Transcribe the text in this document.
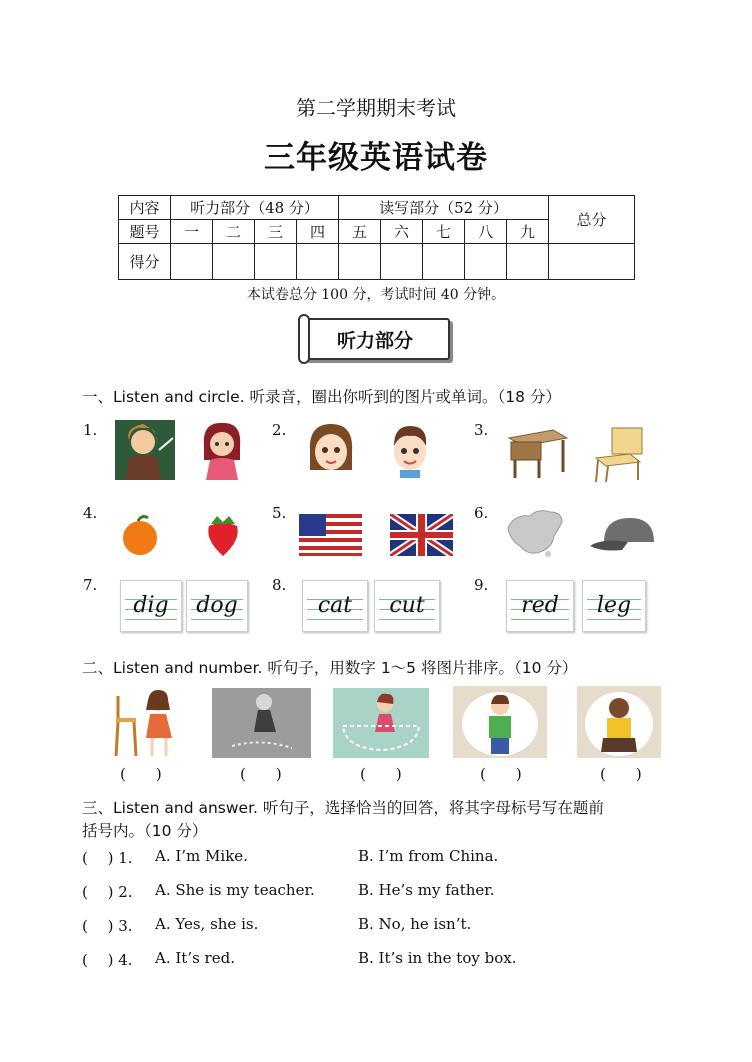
第二学期期末考试
三年级英语试卷
内容	听力部分（48 分）				读写部分（52 分）					总分
题号	一	二	三	四	五	六	七	八	九	
得分										
本试卷总分 100 分，考试时间 40 分钟。
听力部分
一、Listen and circle. 听录音，圈出你听到的图片或单词。（18 分）
1.	2.	3.
4.	5.	6.
7.	8.	9.
dig	dog	cat	cut	red	leg
二、Listen and number. 听句子，用数字 1～5 将图片排序。（10 分）
(　　)	(　　)	(　　)	(　　)	(　　)
三、Listen and answer. 听句子，选择恰当的回答，将其字母标号写在题前
括号内。（10 分）
(　 ) 1. A. I’m Mike.	B. I’m from China.
(　 ) 2. A. She is my teacher.	B. He’s my father.
(　 ) 3. A. Yes, she is.	B. No, he isn’t.
(　 ) 4. A. It’s red.	B. It’s in the toy box.
